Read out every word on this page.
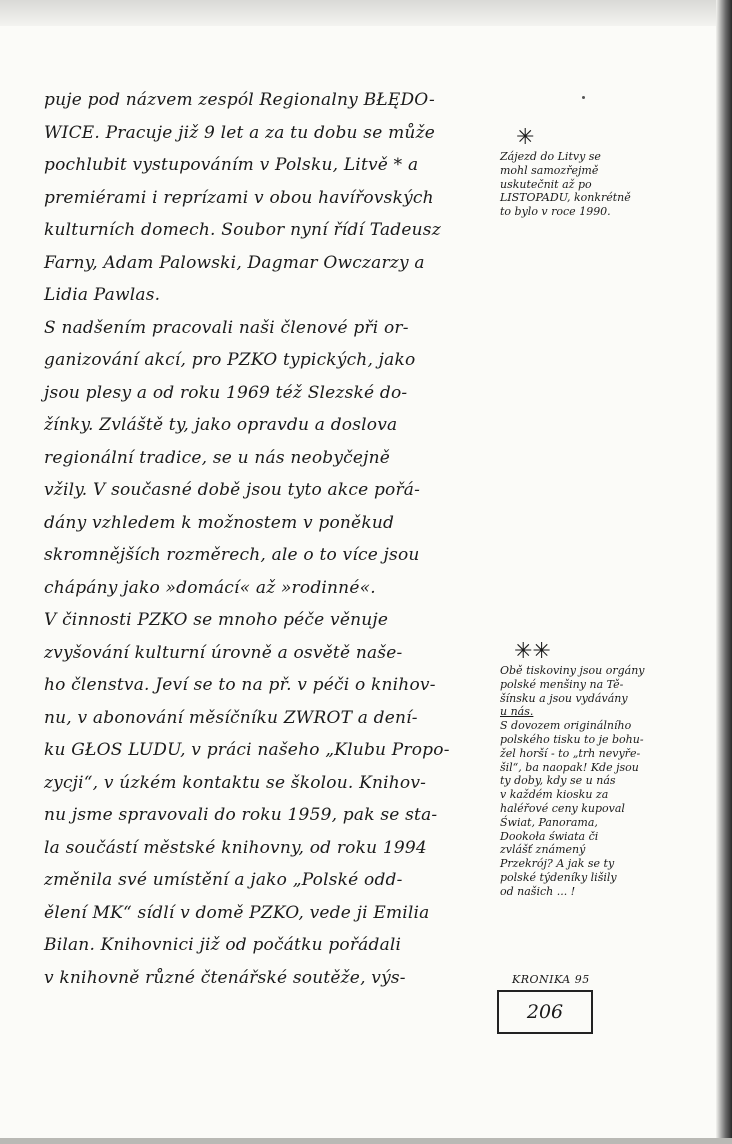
puje pod názvem zespól Regionalny BŁĘDO-
WICE. Pracuje již 9 let a za tu dobu se může
pochlubit vystupováním v Polsku, Litvě * a
premiérami i reprízami v obou havířovských
kulturních domech. Soubor nyní řídí Tadeusz
Farny, Adam Palowski, Dagmar Owczarzy a
Lidia Pawlas.
S nadšením pracovali naši členové při or-
ganizování akcí, pro PZKO typických, jako
jsou plesy a od roku 1969 též Slezské do-
žínky. Zvláště ty, jako opravdu a doslova
regionální tradice, se u nás neobyčejně
vžily. V současné době jsou tyto akce pořá-
dány vzhledem k možnostem v poněkud
skromnějších rozměrech, ale o to více jsou
chápány jako »domácí« až »rodinné«.
V činnosti PZKO se mnoho péče věnuje
zvyšování kulturní úrovně a osvětě naše-
ho členstva. Jeví se to na př. v péči o knihov-
nu, v abonování měsíčníku ZWROT a dení-
ku GŁOS LUDU, v práci našeho „Klubu Propo-
zycji“, v úzkém kontaktu se školou. Knihov-
nu jsme spravovali do roku 1959, pak se sta-
la součástí městské knihovny, od roku 1994
změnila své umístění a jako „Polské odd-
ělení MK“ sídlí v domě PZKO, vede ji Emilia
Bilan. Knihovnici již od počátku pořádali
v knihovně různé čtenářské soutěže, výs-
✳
Zájezd do Litvy se
mohl samozřejmě
uskutečnit až po
LISTOPADU, konkrétně
to bylo v roce 1990.
✳✳
Obě tiskoviny jsou orgány
polské menšiny na Tě-
šínsku a jsou vydávány
u nás.
S dovozem originálního
polského tisku to je bohu-
žel horší - to „trh nevyře-
šil“, ba naopak! Kde jsou
ty doby, kdy se u nás
v každém kiosku za
haléřové ceny kupoval
Świat, Panorama,
Dookoła świata či
zvlášť známený
Przekrój? A jak se ty
polské týdeníky lišily
od našich ... !
KRONIKA 95
206
